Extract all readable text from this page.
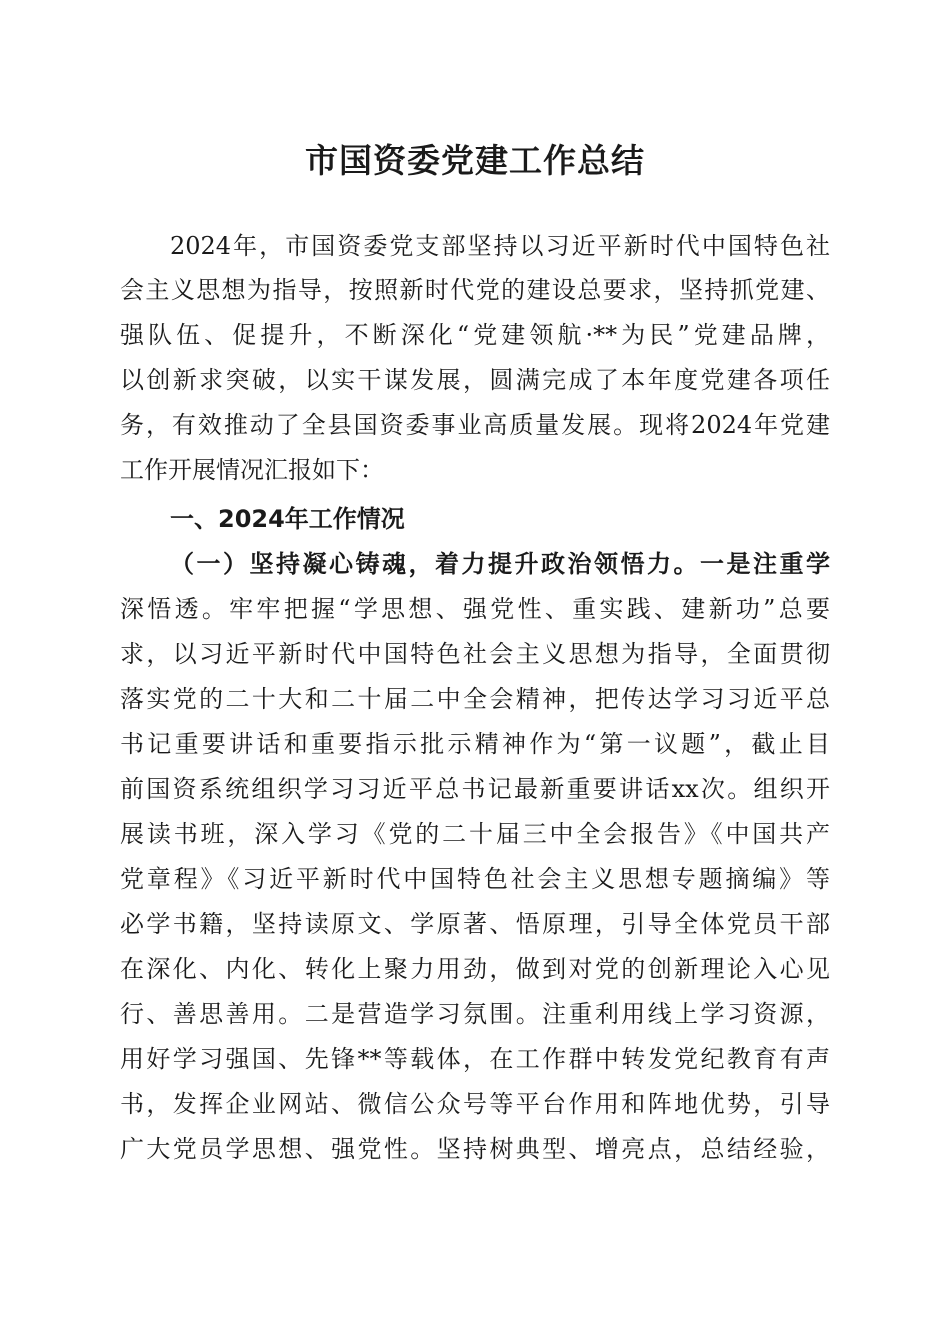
市国资委党建工作总结

2024年，市国资委党支部坚持以习近平新时代中国特色社

会主义思想为指导，按照新时代党的建设总要求，坚持抓党建、

强队伍、促提升，不断深化“党建领航·**为民”党建品牌，

以创新求突破，以实干谋发展，圆满完成了本年度党建各项任

务，有效推动了全县国资委事业高质量发展。现将2024年党建

工作开展情况汇报如下：

一、2024年工作情况

（一）坚持凝心铸魂，着力提升政治领悟力。一是注重学

深悟透。牢牢把握“学思想、强党性、重实践、建新功”总要

求，以习近平新时代中国特色社会主义思想为指导，全面贯彻

落实党的二十大和二十届二中全会精神，把传达学习习近平总

书记重要讲话和重要指示批示精神作为“第一议题”，截止目

前国资系统组织学习习近平总书记最新重要讲话xx次。组织开

展读书班，深入学习《党的二十届三中全会报告》《中国共产

党章程》《习近平新时代中国特色社会主义思想专题摘编》等

必学书籍，坚持读原文、学原著、悟原理，引导全体党员干部

在深化、内化、转化上聚力用劲，做到对党的创新理论入心见

行、善思善用。二是营造学习氛围。注重利用线上学习资源，

用好学习强国、先锋**等载体，在工作群中转发党纪教育有声

书，发挥企业网站、微信公众号等平台作用和阵地优势，引导

广大党员学思想、强党性。坚持树典型、增亮点，总结经验，
